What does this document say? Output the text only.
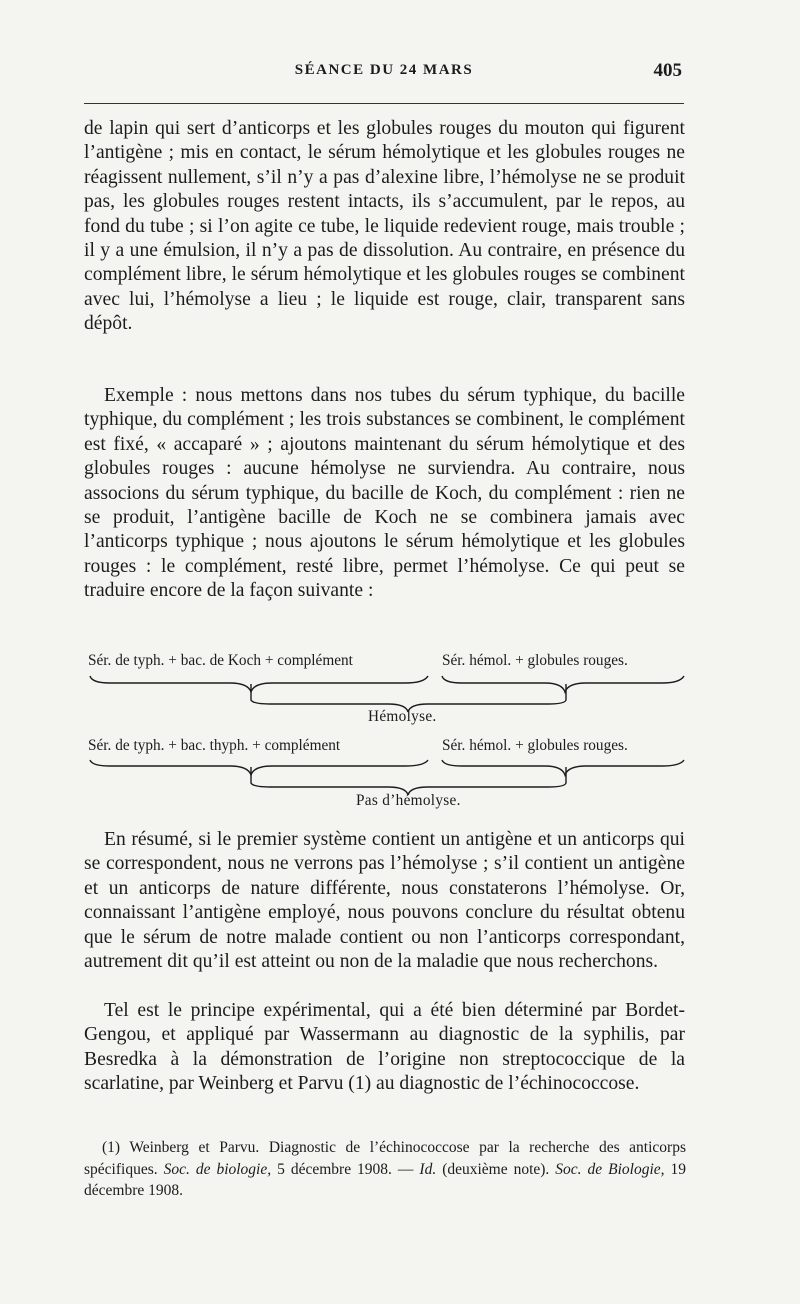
SÉANCE DU 24 MARS	405

de lapin qui sert d’anticorps et les globules rouges du mouton qui figurent l’antigène ; mis en contact, le sérum hémolytique et les globules rouges ne réagissent nullement, s’il n’y a pas d’alexine libre, l’hémolyse ne se produit pas, les globules rouges restent intacts, ils s’accumulent, par le repos, au fond du tube ; si l’on agite ce tube, le liquide redevient rouge, mais trouble ; il y a une émulsion, il n’y a pas de dissolution. Au contraire, en présence du complément libre, le sérum hémolytique et les globules rouges se combinent avec lui, l’hémolyse a lieu ; le liquide est rouge, clair, transparent sans dépôt.

Exemple : nous mettons dans nos tubes du sérum typhique, du bacille typhique, du complément ; les trois substances se combinent, le complément est fixé, « accaparé » ; ajoutons maintenant du sérum hémolytique et des globules rouges : aucune hémolyse ne surviendra. Au contraire, nous associons du sérum typhique, du bacille de Koch, du complément : rien ne se produit, l’antigène bacille de Koch ne se combinera jamais avec l’anticorps typhique ; nous ajoutons le sérum hémolytique et les globules rouges : le complément, resté libre, permet l’hémolyse. Ce qui peut se traduire encore de la façon suivante :

Sér. de typh. + bac. de Koch + complément	Sér. hémol. + globules rouges.
Hémolyse.
Sér. de typh. + bac. thyph. + complément	Sér. hémol. + globules rouges.
Pas d’hémolyse.

En résumé, si le premier système contient un antigène et un anticorps qui se correspondent, nous ne verrons pas l’hémolyse ; s’il contient un antigène et un anticorps de nature différente, nous constaterons l’hémolyse. Or, connaissant l’antigène employé, nous pouvons conclure du résultat obtenu que le sérum de notre malade contient ou non l’anticorps correspondant, autrement dit qu’il est atteint ou non de la maladie que nous recherchons.

Tel est le principe expérimental, qui a été bien déterminé par Bordet-Gengou, et appliqué par Wassermann au diagnostic de la syphilis, par Besredka à la démonstration de l’origine non streptococcique de la scarlatine, par Weinberg et Parvu (1) au diagnostic de l’échinococcose.

(1) Weinberg et Parvu. Diagnostic de l’échinococcose par la recherche des anticorps spécifiques. Soc. de biologie, 5 décembre 1908. — Id. (deuxième note). Soc. de Biologie, 19 décembre 1908.
